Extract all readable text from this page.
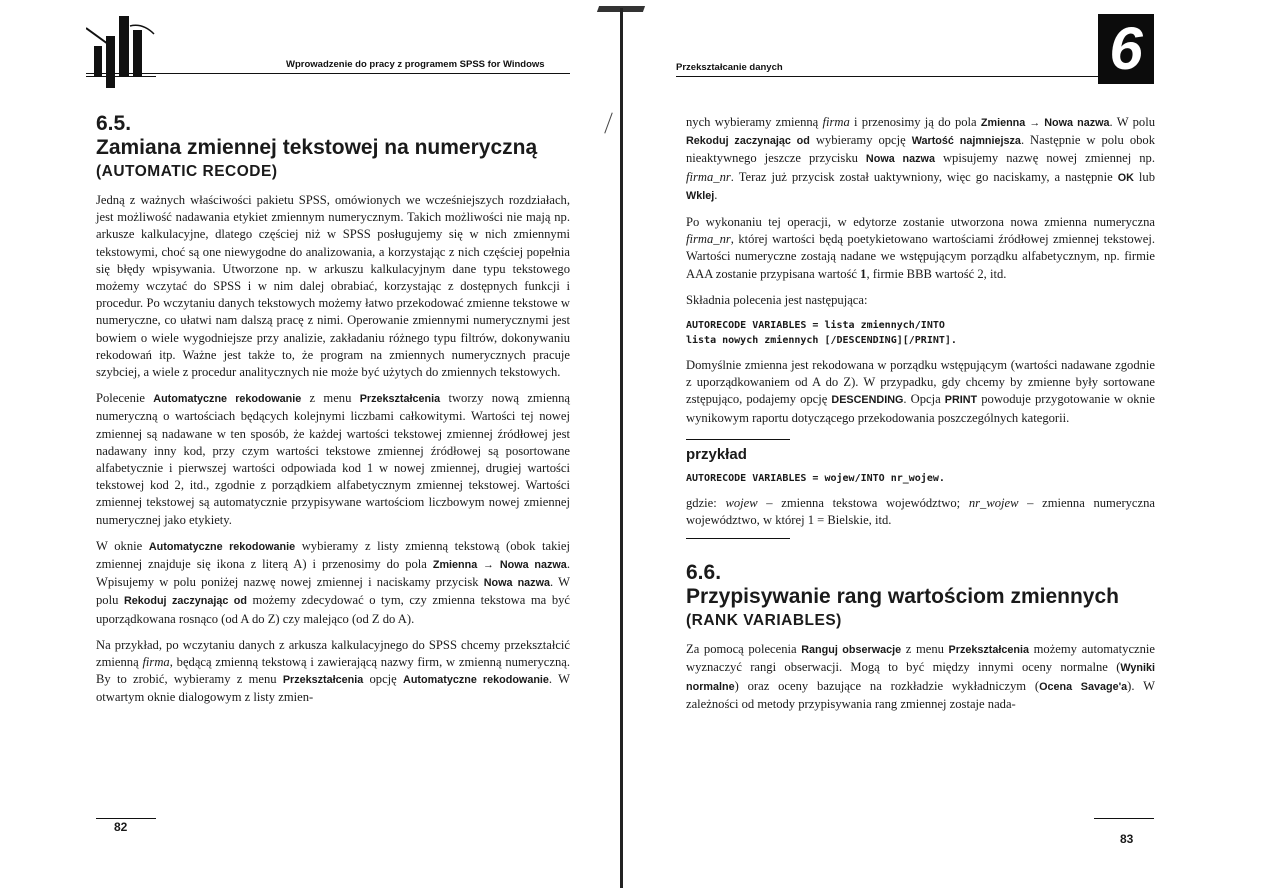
Wprowadzenie do pracy z programem SPSS for Windows
6.5.
Zamiana zmiennej tekstowej na numeryczną
(AUTOMATIC RECODE)

Jedną z ważnych właściwości pakietu SPSS, omówionych we wcześniejszych rozdziałach, jest możliwość nadawania etykiet zmiennym numerycznym. Takich możliwości nie mają np. arkusze kalkulacyjne, dlatego częściej niż w SPSS posługujemy się w nich zmiennymi tekstowymi, choć są one niewygodne do analizowania, a korzystając z nich częściej popełnia się błędy wpisywania. Utworzone np. w arkuszu kalkulacyjnym dane typu tekstowego możemy wczytać do SPSS i w nim dalej obrabiać, korzystając z dostępnych funkcji i procedur. Po wczytaniu danych tekstowych możemy łatwo przekodować zmienne tekstowe w numeryczne, co ułatwi nam dalszą pracę z nimi. Operowanie zmiennymi numerycznymi jest bowiem o wiele wygodniejsze przy analizie, zakładaniu różnego typu filtrów, dokonywaniu rekodowań itp. Ważne jest także to, że program na zmiennych numerycznych pracuje szybciej, a wiele z procedur analitycznych nie może być użytych do zmiennych tekstowych.

Polecenie Automatyczne rekodowanie z menu Przekształcenia tworzy nową zmienną numeryczną o wartościach będących kolejnymi liczbami całkowitymi. Wartości tej nowej zmiennej są nadawane w ten sposób, że każdej wartości tekstowej zmiennej źródłowej jest nadawany inny kod, przy czym wartości tekstowe zmiennej źródłowej są posortowane alfabetycznie i pierwszej wartości odpowiada kod 1 w nowej zmiennej, drugiej wartości tekstowej kod 2, itd., zgodnie z porządkiem alfabetycznym zmiennej tekstowej. Wartości zmiennej tekstowej są automatycznie przypisywane wartościom liczbowym nowej zmiennej numerycznej jako etykiety.

W oknie Automatyczne rekodowanie wybieramy z listy zmienną tekstową (obok takiej zmiennej znajduje się ikona z literą A) i przenosimy do pola Zmienna → Nowa nazwa. Wpisujemy w polu poniżej nazwę nowej zmiennej i naciskamy przycisk Nowa nazwa. W polu Rekoduj zaczynając od możemy zdecydować o tym, czy zmienna tekstowa ma być uporządkowana rosnąco (od A do Z) czy malejąco (od Z do A).

Na przykład, po wczytaniu danych z arkusza kalkulacyjnego do SPSS chcemy przekształcić zmienną firma, będącą zmienną tekstową i zawierającą nazwy firm, w zmienną numeryczną. By to zrobić, wybieramy z menu Przekształcenia opcję Automatyczne rekodowanie. W otwartym oknie dialogowym z listy zmien-

82
Przekształcanie danych	6

nych wybieramy zmienną firma i przenosimy ją do pola Zmienna → Nowa nazwa. W polu Rekoduj zaczynając od wybieramy opcję Wartość najmniejsza. Następnie w polu obok nieaktywnego jeszcze przycisku Nowa nazwa wpisujemy nazwę nowej zmiennej np. firma_nr. Teraz już przycisk został uaktywniony, więc go naciskamy, a następnie OK lub Wklej.

Po wykonaniu tej operacji, w edytorze zostanie utworzona nowa zmienna numeryczna firma_nr, której wartości będą poetykietowano wartościami źródłowej zmiennej tekstowej. Wartości numeryczne zostają nadane we wstępującym porządku alfabetycznym, np. firmie AAA zostanie przypisana wartość 1, firmie BBB wartość 2, itd.

Składnia polecenia jest następująca:

AUTORECODE VARIABLES = lista zmiennych/INTO
lista nowych zmiennych [/DESCENDING][/PRINT].

Domyślnie zmienna jest rekodowana w porządku wstępującym (wartości nadawane zgodnie z uporządkowaniem od A do Z). W przypadku, gdy chcemy by zmienne były sortowane zstępująco, podajemy opcję DESCENDING. Opcja PRINT powoduje przygotowanie w oknie wynikowym raportu dotyczącego przekodowania poszczególnych kategorii.

przykład
AUTORECODE VARIABLES = wojew/INTO nr_wojew.

gdzie: wojew – zmienna tekstowa województwo; nr_wojew – zmienna numeryczna województwo, w której 1 = Bielskie, itd.

6.6.
Przypisywanie rang wartościom zmiennych
(RANK VARIABLES)

Za pomocą polecenia Ranguj obserwacje z menu Przekształcenia możemy automatycznie wyznaczyć rangi obserwacji. Mogą to być między innymi oceny normalne (Wyniki normalne) oraz oceny bazujące na rozkładzie wykładniczym (Ocena Savage'a). W zależności od metody przypisywania rang zmiennej zostaje nada-

83
